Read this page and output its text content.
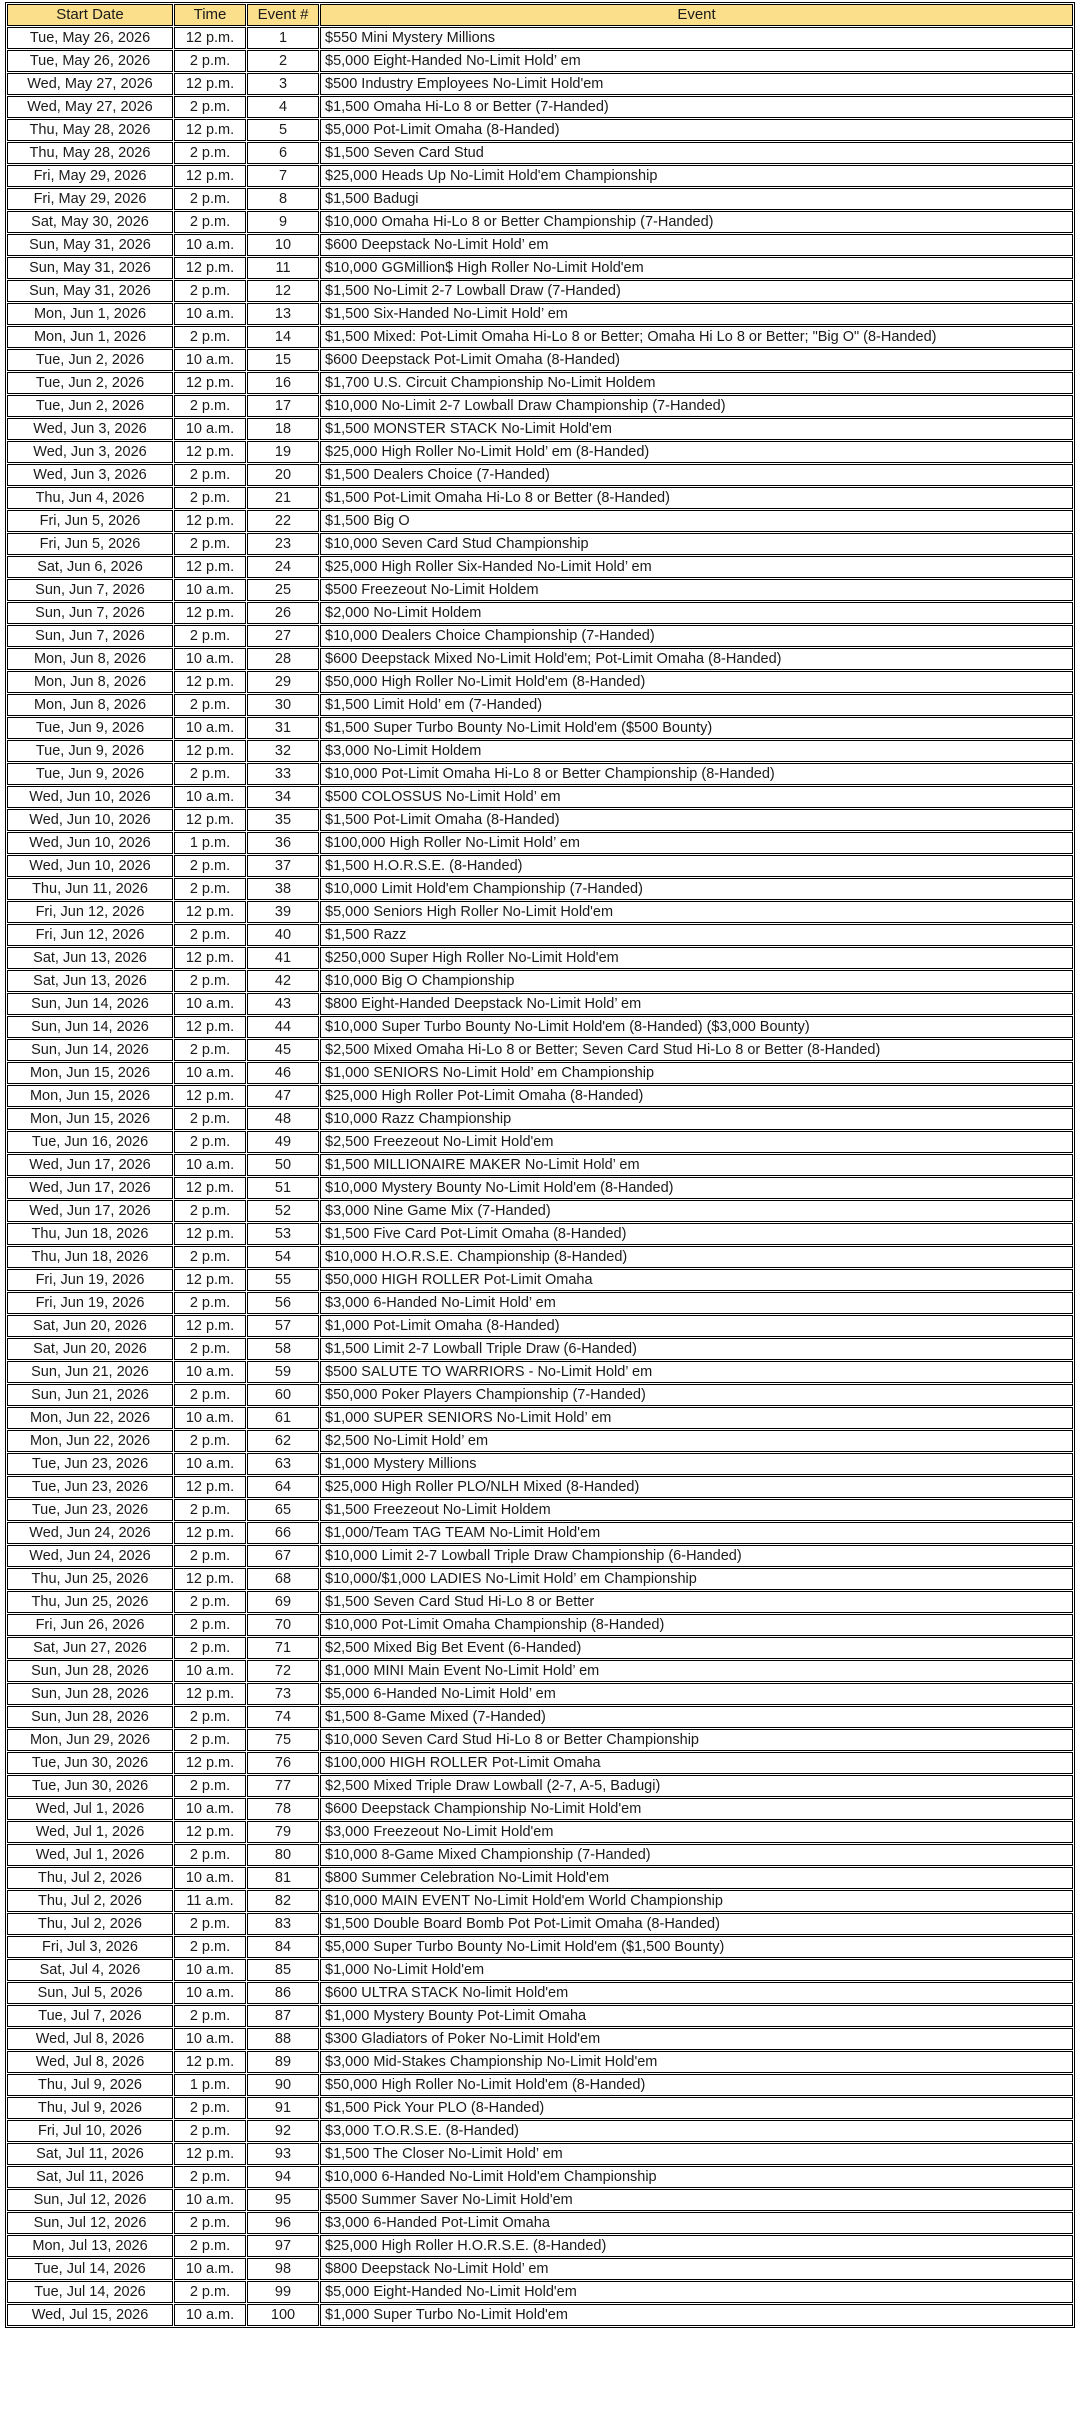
Start Date	Time	Event #	Event
Tue, May 26, 2026	12 p.m.	1	$550 Mini Mystery Millions
Tue, May 26, 2026	2 p.m.	2	$5,000 Eight-Handed No-Limit Hold’ em
Wed, May 27, 2026	12 p.m.	3	$500 Industry Employees No-Limit Hold'em
Wed, May 27, 2026	2 p.m.	4	$1,500 Omaha Hi-Lo 8 or Better (7-Handed)
Thu, May 28, 2026	12 p.m.	5	$5,000 Pot-Limit Omaha (8-Handed)
Thu, May 28, 2026	2 p.m.	6	$1,500 Seven Card Stud
Fri, May 29, 2026	12 p.m.	7	$25,000 Heads Up No-Limit Hold'em Championship
Fri, May 29, 2026	2 p.m.	8	$1,500 Badugi
Sat, May 30, 2026	2 p.m.	9	$10,000 Omaha Hi-Lo 8 or Better Championship (7-Handed)
Sun, May 31, 2026	10 a.m.	10	$600 Deepstack No-Limit Hold’ em
Sun, May 31, 2026	12 p.m.	11	$10,000 GGMillion$ High Roller No-Limit Hold'em
Sun, May 31, 2026	2 p.m.	12	$1,500 No-Limit 2-7 Lowball Draw (7-Handed)
Mon, Jun 1, 2026	10 a.m.	13	$1,500 Six-Handed No-Limit Hold’ em
Mon, Jun 1, 2026	2 p.m.	14	$1,500 Mixed: Pot-Limit Omaha Hi-Lo 8 or Better; Omaha Hi Lo 8 or Better; "Big O" (8-Handed)
Tue, Jun 2, 2026	10 a.m.	15	$600 Deepstack Pot-Limit Omaha (8-Handed)
Tue, Jun 2, 2026	12 p.m.	16	$1,700 U.S. Circuit Championship No-Limit Holdem
Tue, Jun 2, 2026	2 p.m.	17	$10,000 No-Limit 2-7 Lowball Draw Championship (7-Handed)
Wed, Jun 3, 2026	10 a.m.	18	$1,500 MONSTER STACK No-Limit Hold'em
Wed, Jun 3, 2026	12 p.m.	19	$25,000 High Roller No-Limit Hold’ em (8-Handed)
Wed, Jun 3, 2026	2 p.m.	20	$1,500 Dealers Choice (7-Handed)
Thu, Jun 4, 2026	2 p.m.	21	$1,500 Pot-Limit Omaha Hi-Lo 8 or Better (8-Handed)
Fri, Jun 5, 2026	12 p.m.	22	$1,500 Big O
Fri, Jun 5, 2026	2 p.m.	23	$10,000 Seven Card Stud Championship
Sat, Jun 6, 2026	12 p.m.	24	$25,000 High Roller Six-Handed No-Limit Hold’ em
Sun, Jun 7, 2026	10 a.m.	25	$500 Freezeout No-Limit Holdem
Sun, Jun 7, 2026	12 p.m.	26	$2,000 No-Limit Holdem
Sun, Jun 7, 2026	2 p.m.	27	$10,000 Dealers Choice Championship (7-Handed)
Mon, Jun 8, 2026	10 a.m.	28	$600 Deepstack Mixed No-Limit Hold'em; Pot-Limit Omaha (8-Handed)
Mon, Jun 8, 2026	12 p.m.	29	$50,000 High Roller No-Limit Hold'em (8-Handed)
Mon, Jun 8, 2026	2 p.m.	30	$1,500 Limit Hold’ em (7-Handed)
Tue, Jun 9, 2026	10 a.m.	31	$1,500 Super Turbo Bounty No-Limit Hold'em ($500 Bounty)
Tue, Jun 9, 2026	12 p.m.	32	$3,000 No-Limit Holdem
Tue, Jun 9, 2026	2 p.m.	33	$10,000 Pot-Limit Omaha Hi-Lo 8 or Better Championship (8-Handed)
Wed, Jun 10, 2026	10 a.m.	34	$500 COLOSSUS No-Limit Hold’ em
Wed, Jun 10, 2026	12 p.m.	35	$1,500 Pot-Limit Omaha (8-Handed)
Wed, Jun 10, 2026	1 p.m.	36	$100,000 High Roller No-Limit Hold’ em
Wed, Jun 10, 2026	2 p.m.	37	$1,500 H.O.R.S.E. (8-Handed)
Thu, Jun 11, 2026	2 p.m.	38	$10,000 Limit Hold'em Championship (7-Handed)
Fri, Jun 12, 2026	12 p.m.	39	$5,000 Seniors High Roller No-Limit Hold'em
Fri, Jun 12, 2026	2 p.m.	40	$1,500 Razz
Sat, Jun 13, 2026	12 p.m.	41	$250,000 Super High Roller No-Limit Hold'em
Sat, Jun 13, 2026	2 p.m.	42	$10,000 Big O Championship
Sun, Jun 14, 2026	10 a.m.	43	$800 Eight-Handed Deepstack No-Limit Hold’ em
Sun, Jun 14, 2026	12 p.m.	44	$10,000 Super Turbo Bounty No-Limit Hold'em (8-Handed) ($3,000 Bounty)
Sun, Jun 14, 2026	2 p.m.	45	$2,500 Mixed Omaha Hi-Lo 8 or Better; Seven Card Stud Hi-Lo 8 or Better (8-Handed)
Mon, Jun 15, 2026	10 a.m.	46	$1,000 SENIORS No-Limit Hold’ em Championship
Mon, Jun 15, 2026	12 p.m.	47	$25,000 High Roller Pot-Limit Omaha (8-Handed)
Mon, Jun 15, 2026	2 p.m.	48	$10,000 Razz Championship
Tue, Jun 16, 2026	2 p.m.	49	$2,500 Freezeout No-Limit Hold'em
Wed, Jun 17, 2026	10 a.m.	50	$1,500 MILLIONAIRE MAKER No-Limit Hold’ em
Wed, Jun 17, 2026	12 p.m.	51	$10,000 Mystery Bounty No-Limit Hold'em (8-Handed)
Wed, Jun 17, 2026	2 p.m.	52	$3,000 Nine Game Mix (7-Handed)
Thu, Jun 18, 2026	12 p.m.	53	$1,500 Five Card Pot-Limit Omaha (8-Handed)
Thu, Jun 18, 2026	2 p.m.	54	$10,000 H.O.R.S.E. Championship (8-Handed)
Fri, Jun 19, 2026	12 p.m.	55	$50,000 HIGH ROLLER Pot-Limit Omaha
Fri, Jun 19, 2026	2 p.m.	56	$3,000 6-Handed No-Limit Hold’ em
Sat, Jun 20, 2026	12 p.m.	57	$1,000 Pot-Limit Omaha (8-Handed)
Sat, Jun 20, 2026	2 p.m.	58	$1,500 Limit 2-7 Lowball Triple Draw (6-Handed)
Sun, Jun 21, 2026	10 a.m.	59	$500 SALUTE TO WARRIORS - No-Limit Hold’ em
Sun, Jun 21, 2026	2 p.m.	60	$50,000 Poker Players Championship (7-Handed)
Mon, Jun 22, 2026	10 a.m.	61	$1,000 SUPER SENIORS No-Limit Hold’ em
Mon, Jun 22, 2026	2 p.m.	62	$2,500 No-Limit Hold’ em
Tue, Jun 23, 2026	10 a.m.	63	$1,000 Mystery Millions
Tue, Jun 23, 2026	12 p.m.	64	$25,000 High Roller PLO/NLH Mixed (8-Handed)
Tue, Jun 23, 2026	2 p.m.	65	$1,500 Freezeout No-Limit Holdem
Wed, Jun 24, 2026	12 p.m.	66	$1,000/Team TAG TEAM No-Limit Hold'em
Wed, Jun 24, 2026	2 p.m.	67	$10,000 Limit 2-7 Lowball Triple Draw Championship (6-Handed)
Thu, Jun 25, 2026	12 p.m.	68	$10,000/$1,000 LADIES No-Limit Hold’ em Championship
Thu, Jun 25, 2026	2 p.m.	69	$1,500 Seven Card Stud Hi-Lo 8 or Better
Fri, Jun 26, 2026	2 p.m.	70	$10,000 Pot-Limit Omaha Championship (8-Handed)
Sat, Jun 27, 2026	2 p.m.	71	$2,500 Mixed Big Bet Event (6-Handed)
Sun, Jun 28, 2026	10 a.m.	72	$1,000 MINI Main Event No-Limit Hold’ em
Sun, Jun 28, 2026	12 p.m.	73	$5,000 6-Handed No-Limit Hold’ em
Sun, Jun 28, 2026	2 p.m.	74	$1,500 8-Game Mixed (7-Handed)
Mon, Jun 29, 2026	2 p.m.	75	$10,000 Seven Card Stud Hi-Lo 8 or Better Championship
Tue, Jun 30, 2026	12 p.m.	76	$100,000 HIGH ROLLER Pot-Limit Omaha
Tue, Jun 30, 2026	2 p.m.	77	$2,500 Mixed Triple Draw Lowball (2-7, A-5, Badugi)
Wed, Jul 1, 2026	10 a.m.	78	$600 Deepstack Championship No-Limit Hold'em
Wed, Jul 1, 2026	12 p.m.	79	$3,000 Freezeout No-Limit Hold'em
Wed, Jul 1, 2026	2 p.m.	80	$10,000 8-Game Mixed Championship (7-Handed)
Thu, Jul 2, 2026	10 a.m.	81	$800 Summer Celebration No-Limit Hold'em
Thu, Jul 2, 2026	11 a.m.	82	$10,000 MAIN EVENT No-Limit Hold'em World Championship
Thu, Jul 2, 2026	2 p.m.	83	$1,500 Double Board Bomb Pot Pot-Limit Omaha (8-Handed)
Fri, Jul 3, 2026	2 p.m.	84	$5,000 Super Turbo Bounty No-Limit Hold'em ($1,500 Bounty)
Sat, Jul 4, 2026	10 a.m.	85	$1,000 No-Limit Hold'em
Sun, Jul 5, 2026	10 a.m.	86	$600 ULTRA STACK No-limit Hold'em
Tue, Jul 7, 2026	2 p.m.	87	$1,000 Mystery Bounty Pot-Limit Omaha
Wed, Jul 8, 2026	10 a.m.	88	$300 Gladiators of Poker No-Limit Hold'em
Wed, Jul 8, 2026	12 p.m.	89	$3,000 Mid-Stakes Championship No-Limit Hold'em
Thu, Jul 9, 2026	1 p.m.	90	$50,000 High Roller No-Limit Hold'em (8-Handed)
Thu, Jul 9, 2026	2 p.m.	91	$1,500 Pick Your PLO (8-Handed)
Fri, Jul 10, 2026	2 p.m.	92	$3,000 T.O.R.S.E. (8-Handed)
Sat, Jul 11, 2026	12 p.m.	93	$1,500 The Closer No-Limit Hold’ em
Sat, Jul 11, 2026	2 p.m.	94	$10,000 6-Handed No-Limit Hold'em Championship
Sun, Jul 12, 2026	10 a.m.	95	$500 Summer Saver No-Limit Hold'em
Sun, Jul 12, 2026	2 p.m.	96	$3,000 6-Handed Pot-Limit Omaha
Mon, Jul 13, 2026	2 p.m.	97	$25,000 High Roller H.O.R.S.E. (8-Handed)
Tue, Jul 14, 2026	10 a.m.	98	$800 Deepstack No-Limit Hold’ em
Tue, Jul 14, 2026	2 p.m.	99	$5,000 Eight-Handed No-Limit Hold'em
Wed, Jul 15, 2026	10 a.m.	100	$1,000 Super Turbo No-Limit Hold'em
